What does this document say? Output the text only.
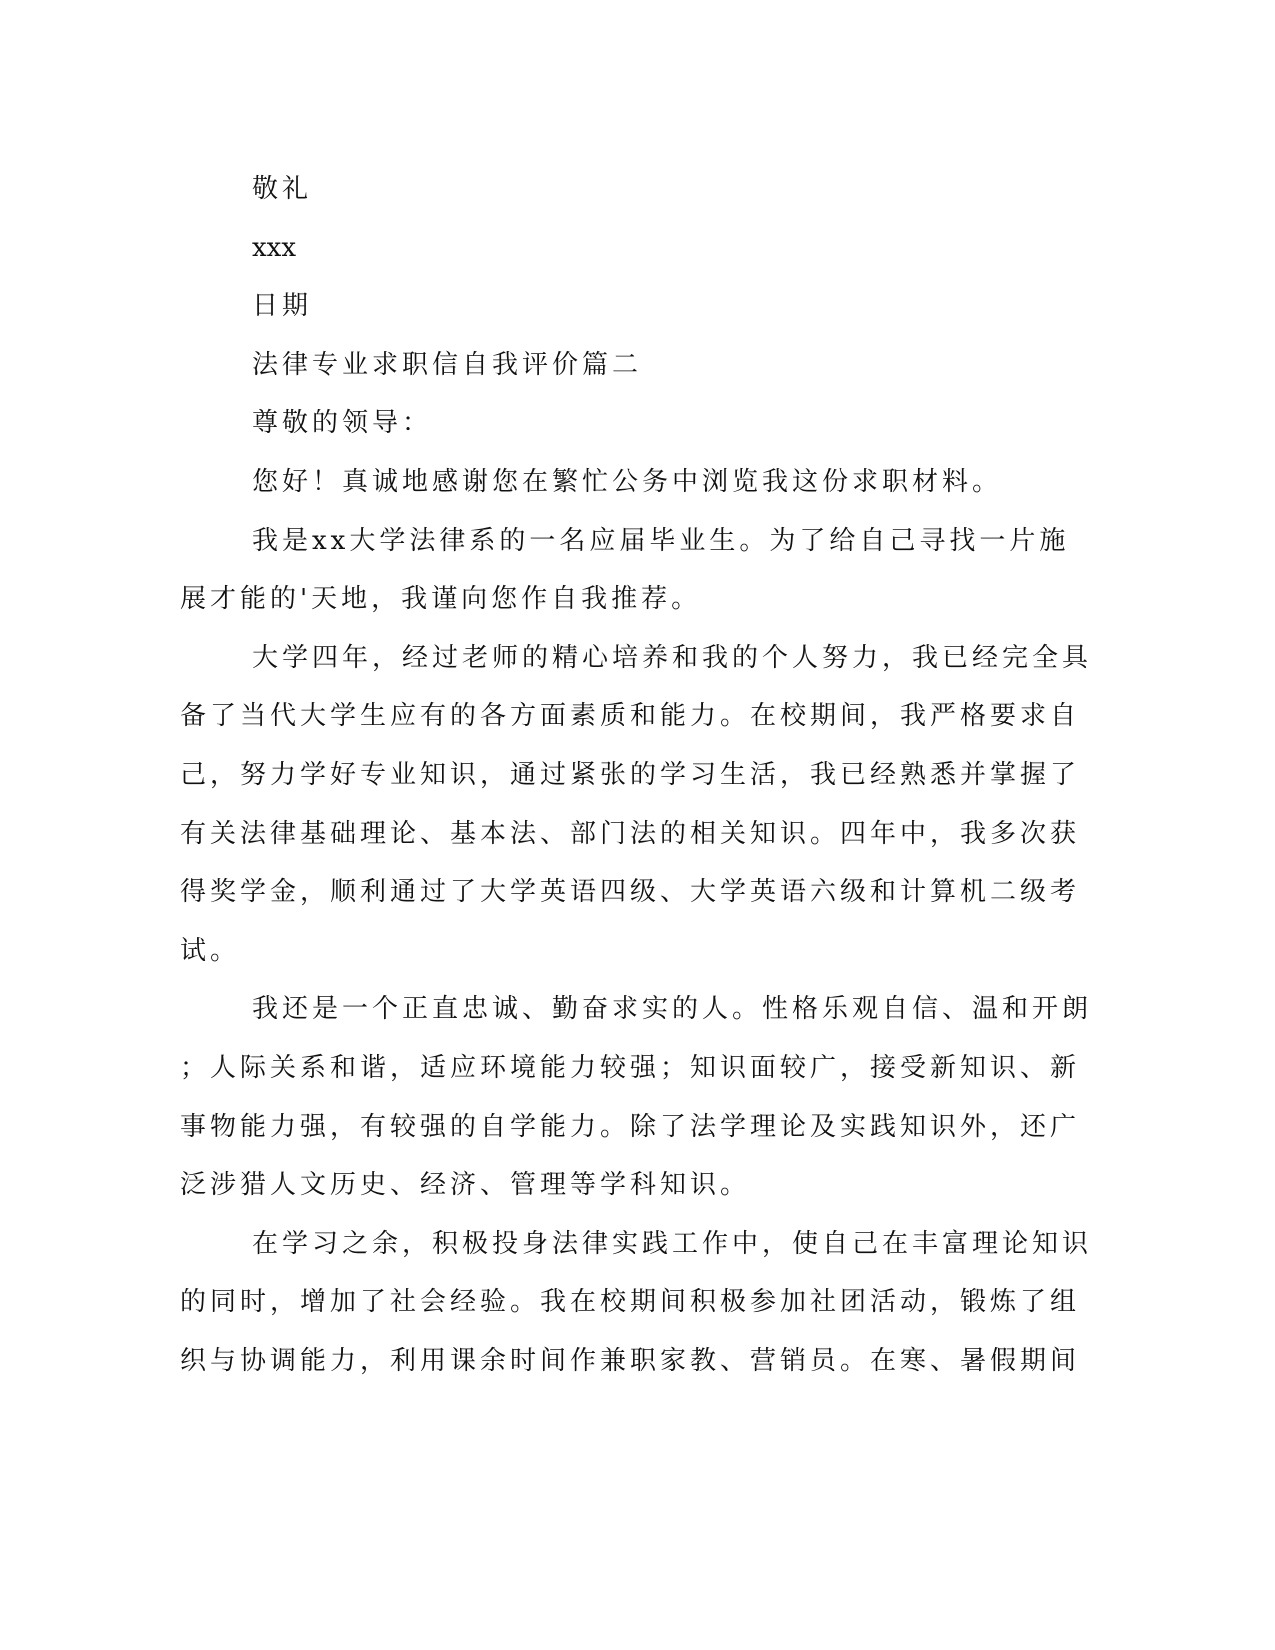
敬礼

xxx

日期

法律专业求职信自我评价篇二

尊敬的领导：

您好！真诚地感谢您在繁忙公务中浏览我这份求职材料。

我是xx大学法律系的一名应届毕业生。为了给自己寻找一片施

展才能的'天地，我谨向您作自我推荐。

大学四年，经过老师的精心培养和我的个人努力，我已经完全具

备了当代大学生应有的各方面素质和能力。在校期间，我严格要求自

己，努力学好专业知识，通过紧张的学习生活，我已经熟悉并掌握了

有关法律基础理论、基本法、部门法的相关知识。四年中，我多次获

得奖学金，顺利通过了大学英语四级、大学英语六级和计算机二级考

试。

我还是一个正直忠诚、勤奋求实的人。性格乐观自信、温和开朗

；人际关系和谐，适应环境能力较强；知识面较广，接受新知识、新

事物能力强，有较强的自学能力。除了法学理论及实践知识外，还广

泛涉猎人文历史、经济、管理等学科知识。

在学习之余，积极投身法律实践工作中，使自己在丰富理论知识

的同时，增加了社会经验。我在校期间积极参加社团活动，锻炼了组

织与协调能力，利用课余时间作兼职家教、营销员。在寒、暑假期间
